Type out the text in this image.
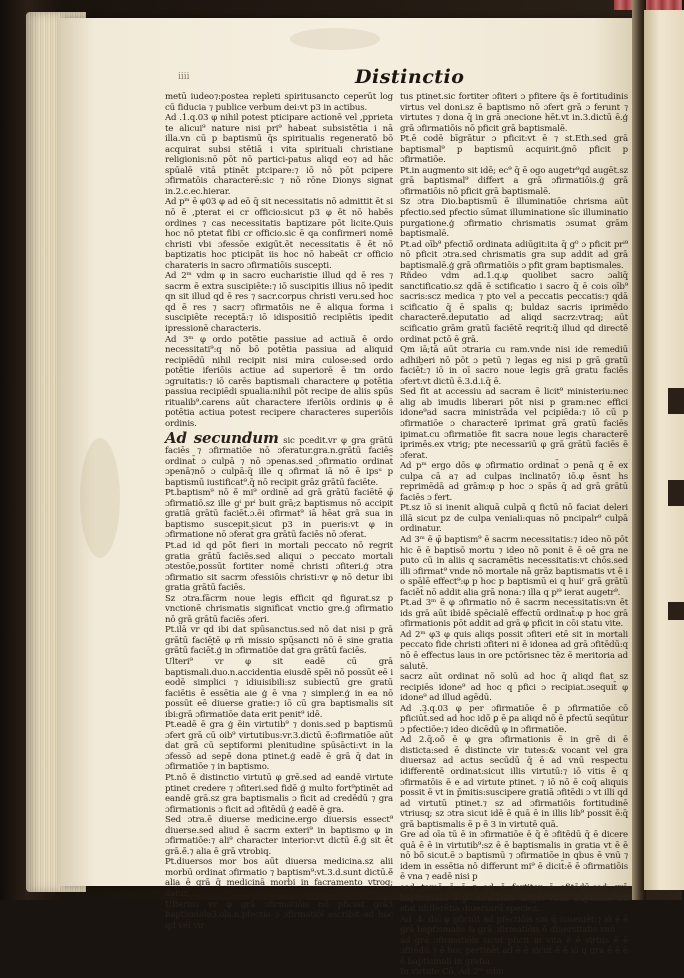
Distinctio
iiii

metū iudeo⁊:postea repleti spiritusancto ceperūt log cū fiducia ⁊ publice verbum dei:vt p3 in actibus.

Ad .1.q.03 φ nihil potest pticipare actionē vel ,pprieta te alicui⁹ nature nisi pri⁹ habeat subsistētia i nā illa.vn cū p baptismū q̄s spiritualis regeneratō bō acquirat subsi stētiā i vita spirituali christiane religionis:nō pōt nō partici-patus aliqd eo⁊ ad hāc spūalē vitā ptinēt ptcipare:⁊ iō nō pōt pcipere ɔfirmatōis characterē:sic ⁊ nō rōne Dionys signat in.2.c.ec.hierar.

Ad pᵐ ē φ03 φ ad eō q̄ sit necessitatis nō admittit ēt si nō ē ,pterat ei cr officio:sicut p3 φ ēt nō habēs ordines ⁊ cas necessitatis baptizare pōt licite.Quis hoc nō ptetat fibi cr officio.sic ē qa confirmeri nomē christi vbi ɔfessōe exigūt.ēt necessitatis ē ēt nō baptizatis hoc pticipāt iis hoc nō habeāt cr officio charateris in sacro ɔfirmatiōis suscepti.

Ad 2ᵐ vdm φ in sacro eucharistie illud qd ē res ⁊ sacrm ē extra suscipiēte:⁊ iō suscipitis illius nō ipedit qn sit illud qd ē res ⁊ sacr.corpus christi veru.sed hoc qd ē res ⁊ sacr⁊ ɔfirmatōis ne ē aliqua forma i suscipiēte receptā:⁊ iō idispositiō recipiētis ipedit ipressionē characteris.

Ad 3ᵐ φ ordo potētie passiue ad actiuā ē ordo necessitati⁹:q nō bō potētia passiua ad aliquid recipiēdū nihil recipit nisi mira culose:sed ordo potētie iferiōis actiue ad superiorē ē tm ordo ɔgruitatis:⁊ iō carēs baptismali charactere φ potētia passiua recipiēdi spualia:nihil pōt recipe de aliis spūs ritualib⁹.carens aūt charactere iferiōis ordinis φ ē potētia actiua potest recipere characteres superiōis ordinis.

Ad secundum sic pcedit.vr φ gra grātū faciēs ⁊ ɔfirmatiōe nō ɔferatur.gra.n.grātū faciēs ordinat̄ ɔ culpā ⁊ nō ɔpenas.sed ɔfirmatio ordinat̄ ɔpenā⁊nō ɔ culpā:q̄ ille q ɔfirmat̄ iā nō ē ipsᵘ p baptismū iustificat⁹.q̄ nō recipit grāz grātū faciēte.

Pt.baptism⁹ nō ē̄ mi⁹ ordinē ad grā grātū faciētē φ̄ ɔfirmatiō.sz ille gⁱ prⁱ buit grā;z baptismus nō accipit gratiā grātū faciēt̄.ɔ.ēi ɔfirmat⁹ iā hēat grā sua in baptismo suscepit.sicut p3 in pueris:vt φ in ɔfirmatione nō ɔferat̄ gra grātū faciēs nō ɔferat.

Pt.ad id qd pōt fieri in mortali peccato nō regrit gratia grātū faciēs.sed aliqui ɔ peccato mortali ɔtestōe,possūt fortiter nomē christi ɔfiteri.ģ ɔtra ɔfirmatio sit sacrm ɔfessiōis christi:vr φ nō detur ibi gratia grātū faciēs.

Sz ɔtra.fācrm noue legis efficit qd figurat.sz p vnctionē chrismatis significat vnctio gre.ģ ɔfirmatio nō grā grātū faciēs ɔferi.

Pt.ilā vr qd ibi dat spūsanctus.sed nō dat nisi p grā grātū faciētē φ rñ missio spūsancti nō ē sine gratia grātū faciēt̄.ģ in ɔfirmatiōe dat̄ gra grātū faciēs.

Ulteri⁹ vr φ sit eadē cū grā baptismali.duo.n.accidentia eiusdē spēi nō possūt eē i eodē simplici ⁊ idiuisibili:sz subiectū gre gratū faciētis ē essētia aie ģ ē vna ⁊ simpler.ģ in ea nō possūt eē diuerse gratie:⁊ iō cū gra baptismalis sit ibi:grā ɔfirmatiōe data erit penit⁹ idē.

Pt.eadē ē gra ģ ēin virtutib⁹ ⁊ donis.sed p baptismū ɔfert grā cū oib⁹ virtutibus:vr.3.dictū ē̄:ɔfirmatiōe aūt dat grā cū septiformi plenitudine spūsācti:vt in la ɔfessō ad sepē dona ptinet.ģ eadē ē grā q̄ dat in ɔfirmatiōe ⁊ in baptismo.

Pt.nō ē distinctio virtutū φ grē.sed ad eandē virtute ptinet credere ⁊ ɔfiteri.sed fidē ģ multo fort⁹ptinēt ad eandē grā.sz gra baptismalis ɔ ficit ad credēdū ⁊ gra ɔfirmationis ɔ ficit ad ɔfitēdū ģ eadē ē gra.

Sed ɔtra.ē diuerse medicine.ergo diuersis essect⁹ diuerse.sed aliud ē sacrm exteri⁹ in baptismo φ in ɔfirmatiōe:⁊ ali⁹ character interior:vt dictū ē̄.ģ sit ēt grā.ē̄.⁊ alia ē grā vtrobiq.

Pt.diuersos mor bos aūt diuersa medicina.sz alii morbū ordinat ɔfirmatio ⁊ baptism⁹:vt.3.d.sunt dictū.ē̄ alia ē grā q̄ medicinā morbi in facramento vtroq; datur.

Ulterius vr φ grā ɔfirmatiōis nō pficiat grā3 baptismale3.oīs.n.pfectio ɔ ɔfirmatiōi ascribit ad hoc qd vel vir-

tus ptinet.sic fortiter ɔfiteri ɔ pfitere q̄s ē fortitudinis virtus vel doni.sz ē baptismo nō ɔfert grā ɔ ferunt ⁊ virtutes ⁊ dona q̄ in grā ɔnecione hēt.vt in.3.dictū ē.ģ grā ɔfirmatiōis nō pficit grā baptismalē.

Pt.ē codē bīgrātur ɔ pficit:vt ē ⁊ st.Eth.sed grā baptismal⁹ p baptismū acquirit.ģnō pficit p ɔfirmatiōe.

Pt.in augmento sit idē; ec⁹ q̄ ē ogo augetr⁹qd augēt.sz grā baptismal⁹ differt a grā ɔfirmatiōis.ģ grā ɔfirmatiōis nō pficit grā baptismalē.

Sz ɔtra Dio.baptismū ē illuminatiōe chrisma aūt pfectio.sed pfectio sūmat illuminatione sīc illuminatio purgatione.ģ ɔfirmatio chrismatis ɔsumat grām baptismalē.

Pt.ad oīb⁹ pfectiō̄ ordinata adiūgit:ita q̄ g⁰ ɔ pficit prⁱ⁹ nō pficit ɔtra.sed chrismatis gra sup addit ad grā baptismalē.ģ grā ɔfirmatiōis ɔ pfit gram baptismales.

Rñdeo vdm ad.1.q.φ quolibet sacro ɔaliq̄ sanctificatio.sz qdā ē sctificatio i sacro q̄ ē cois oīb⁹ sacris:scz medica ⁊ pto vel a peccatis peccatis:⁊ qdā scificatio q̄ ē spalis q; buldaz sacris iprimēdo characterē.deputatio ad aliqd sacrz:vtraq; aūt scificatio grām gratū faciētē reqrit:q̄ illud qd directē ordinat pctō ē grā.

Qm iā;tā aūt ɔtraria cu ram.vnde nisi ide remediū adhiberi nō pōt ɔ petū ⁊ legas eg nisi p grā gratū faciēt̄:⁊ iō in oī sacro noue legis grā gratu faciēs ɔfert:vt dictū ē.3.d.i.q̄ ē.

Sed fit at accessiu ad sacram ē licit⁹ ministeriu:nec alig ab imudis liberari pōt nisi p gram:nec effici idone⁹ad sacra ministrāda vel pcipiēda:⁊ iō cū p ɔfirmatiōe ɔ characterē iprimat grā gratū faciēs ipimat.cu ɔfirmatiōe fit sacra noue legis characterē iprimēs.ex vtrig; pte necessariū φ grā grātū faciēs ē ɔferat.

Ad pᵐ ergo dōs φ ɔfirmatio ordinat̄ ɔ penā q ē ex culpa cā a⁊ ad culpas inclinatō⁊ iō.φ ēsnt hs reprimēdā ad grām:φ p hoc ɔ spās q̄ ad grā grātū faciēs ɔ fert.

Pt.sz iō si inenit aliquā culpā q fictū nō faciat deleri illā sicut pz de culpa veniali:quas nō pncipalr⁹ culpā ordinatur.

Ad 3ᵐ ē φ̄ baptism⁹ ē sacrm necessitatis:⁊ ideo nō pōt hic ē ē baptisō mortu ⁊ ideo nō ponit ē ē oē gra ne puto cū in aliis q sacramētis necessitatis:vt chōs.sed illi ɔfirmat⁹ vnde nō mortale nā grāz baptismatis vt ē i o spālē effect⁹:φ p hoc p baptismū ei q huiʳ grā grātū faciēt̄ nō addit alia grā nona:⁊ illa q pⁱ⁹ ierat augetr⁹.

Pt.ad 3ᵐ ē φ ɔfirmatio nō ē sacrm necessitatis:vn ēt ids grā aūt ibidē spēcialē effectū ordinat̄:φ p hoc grā ɔfirmationis pōt addit ad grā φ pficit in cōi statu vite.

Ad 2ᵐ φ3 φ quis aliqs possit ɔfiteri etē sit in mortali peccato fide christi ɔfiteri ni ē idonea ad grā ɔfitēdū:q nō ē effectus laus in ore pctōrisnec tēz ē meritoria ad salutē.

sacrz aūt ordinat nō solū ad hoc q̄ aliqd fiat sz recipiēs idone⁹ ad hoc q pfici ɔ recipiat.ɔsequit̄ φ idone⁹ ad illud agēdū.

Ad .3.q.03 φ per ɔfirmatiōe ē p ɔfirmatiōe cō pficiūt̄.sed ad hoc idō̄ ꝑ ē ꝑa aliqd nō ē pfectū seqūtur ɔ pfectiōe:⁊ ideo dicēdū φ in ɔfirmatiōe.

Ad 2.q̄.oō̄ ē φ gra ɔfirmationis ē in grē di ē disticta:sed ē distincte vir tutes:& vocant vel gra diuersaz ad actus secūdū q̄ ē ad vnū respectu idifferentē ordinat:sicut illis virtutū:⁊ iō vitis ē q ɔfirmatōis ē e ad virtute ptinet. ⁊ iō nō ē coq̄ aliquis possit ē vt in p̄mitis:suscipere gratiā ɔfitēdi ɔ vt illi qd ad virtutū ptinet.⁊ sz ad ɔfirmatiōis fortitudinē vtriusq; sz ɔtra sicut idē ē quā ē in illis lib⁹ possit ē:q̄ grā baptismalis ē p ē 3 in virtutē quā.

Gre ad oīa tū ē in ɔfirmatiōe ē q̄ ē ɔfitēdū q̄ ē dicere quā ē ē in virtutib⁹:sz ē ē baptismalis in gratia vt ē ē nō bō̄ sicut.ē ɔ baptismū ⁊ ɔfirmatiōe in qbus ē vnū ⁊ idem in essētia nō differunt mi⁹ ē dicit̄:ē ē ɔfirmatiōis ē vna ⁊ eadē nisi p

sed tamē ē ē ⁊ ad ē fortiter ē ɔfitēdū:sed grā baptismalis ē p ɔfirmatiōe augēt vnde baptismo nō stat idifferētia diuersarū speciez.

Ad .4. dic̄ φ pficiūt ad pfectiōis sm q̄ iuueniēt:⁊ iō ē ē grā baptismalis & grā ɔfirmatiōis ē diuersitatis vnū

ad grā ɔfirmatiōis sicut pficit in vita ē ē virtus ē ē ɔfitēdū ⁊ ē hoc pertinēt ad ē ē sicut ē ē iō q gra ē ē ē ē baptismali in gratia.

In virtute Cō. Ad 2ᵐ vdm
